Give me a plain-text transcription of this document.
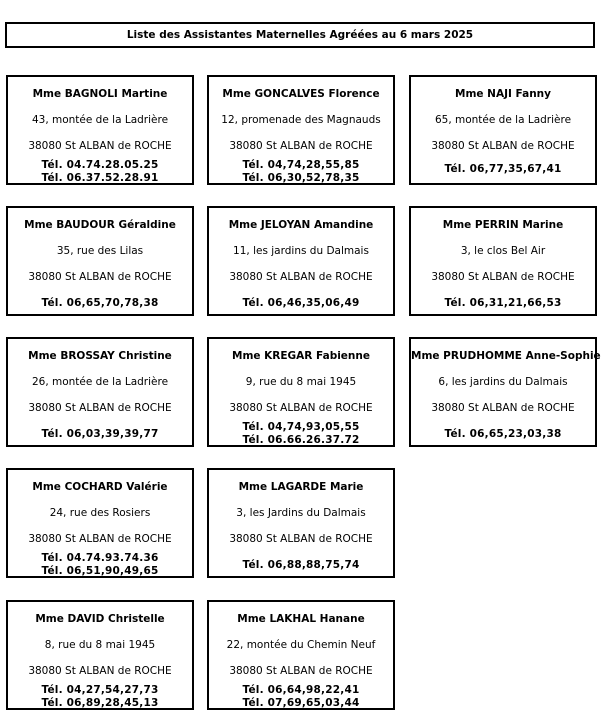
Liste des Assistantes Maternelles Agréées au 6 mars 2025
Mme BAGNOLI Martine
43, montée de la Ladrière
38080 St ALBAN de ROCHE
Tél. 04.74.28.05.25
Tél. 06.37.52.28.91
Mme GONCALVES Florence
12, promenade des Magnauds
38080 St ALBAN de ROCHE
Tél. 04,74,28,55,85
Tél. 06,30,52,78,35
Mme NAJI Fanny
65, montée de la Ladrière
38080 St ALBAN de ROCHE
Tél. 06,77,35,67,41
Mme BAUDOUR Géraldine
35, rue des Lilas
38080 St ALBAN de ROCHE
Tél. 06,65,70,78,38
Mme JELOYAN Amandine
11, les jardins du Dalmais
38080 St ALBAN de ROCHE
Tél. 06,46,35,06,49
Mme PERRIN Marine
3, le clos Bel Air
38080 St ALBAN de ROCHE
Tél. 06,31,21,66,53
Mme BROSSAY Christine
26, montée de la Ladrière
38080 St ALBAN de ROCHE
Tél. 06,03,39,39,77
Mme KREGAR Fabienne
9, rue du 8 mai 1945
38080 St ALBAN de ROCHE
Tél. 04,74,93,05,55
Tél. 06.66.26.37.72
Mme PRUDHOMME Anne-Sophie
6, les jardins du Dalmais
38080 St ALBAN de ROCHE
Tél. 06,65,23,03,38
Mme COCHARD Valérie
24, rue des Rosiers
38080 St ALBAN de ROCHE
Tél. 04.74.93.74.36
Tél. 06,51,90,49,65
Mme LAGARDE Marie
3, les Jardins du Dalmais
38080 St ALBAN de ROCHE
Tél. 06,88,88,75,74
Mme DAVID Christelle
8, rue du 8 mai 1945
38080 St ALBAN de ROCHE
Tél. 04,27,54,27,73
Tél. 06,89,28,45,13
Mme LAKHAL Hanane
22, montée du Chemin Neuf
38080 St ALBAN de ROCHE
Tél. 06,64,98,22,41
Tél. 07,69,65,03,44
